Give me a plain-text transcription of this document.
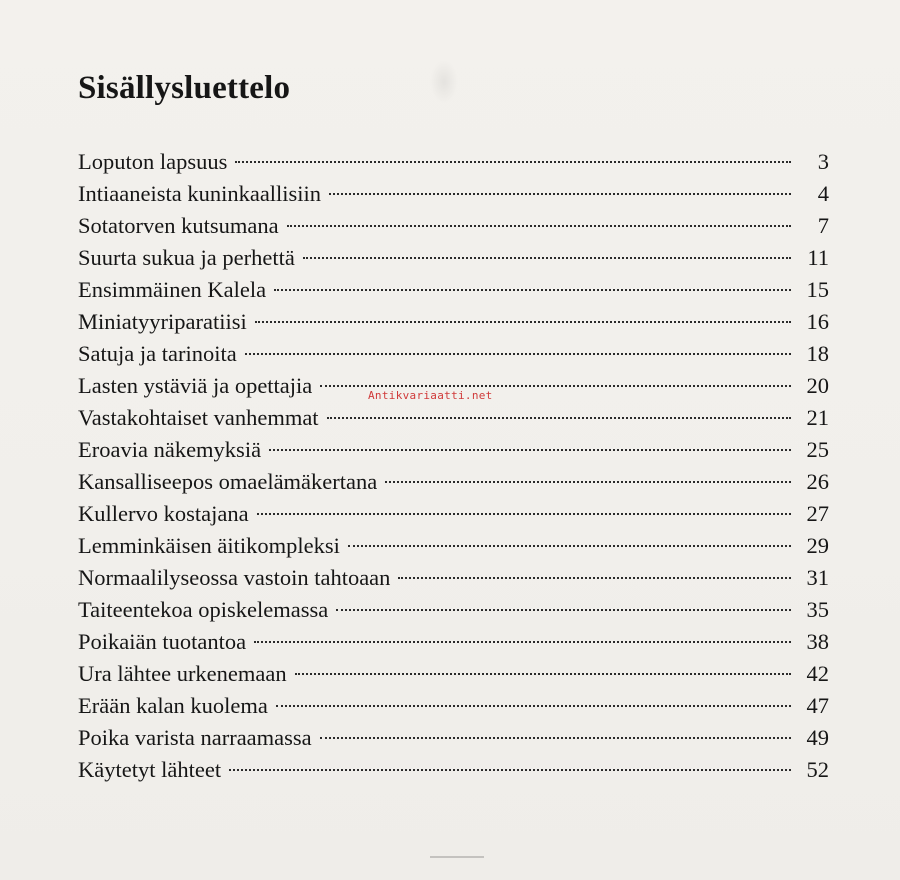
Sisällysluettelo
Loputon lapsuus	3
Intiaaneista kuninkaallisiin	4
Sotatorven kutsumana	7
Suurta sukua ja perhettä	11
Ensimmäinen Kalela	15
Miniatyyriparatiisi	16
Satuja ja tarinoita	18
Lasten ystäviä ja opettajia	20
Vastakohtaiset vanhemmat	21
Eroavia näkemyksiä	25
Kansalliseepos omaelämäkertana	26
Kullervo kostajana	27
Lemminkäisen äitikompleksi	29
Normaalilyseossa vastoin tahtoaan	31
Taiteentekoa opiskelemassa	35
Poikaiän tuotantoa	38
Ura lähtee urkenemaan	42
Erään kalan kuolema	47
Poika varista narraamassa	49
Käytetyt lähteet	52
Antikvariaatti.net
